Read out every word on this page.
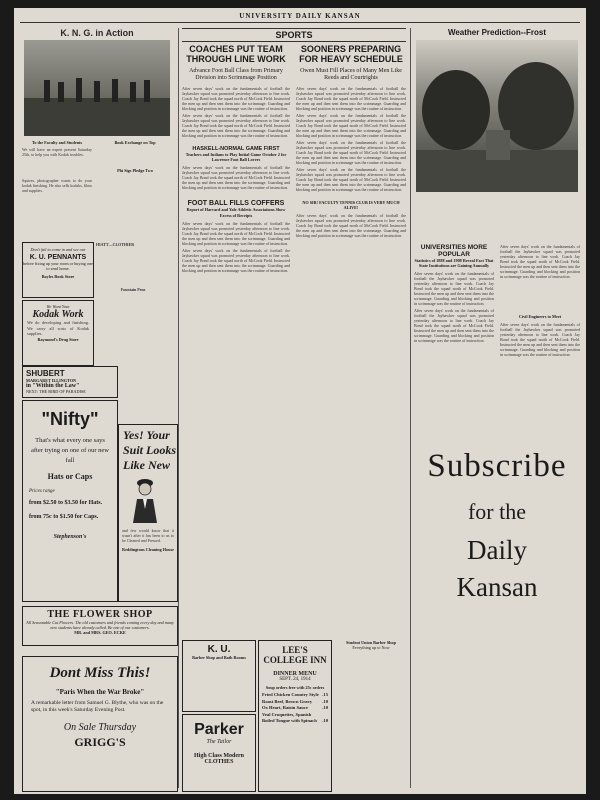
UNIVERSITY DAILY KANSAN
K. N. G. in Action
To the Faculty and Students
We will have an expert present Saturday 25th, to help you with Kodak troubles.
Book Exchange on Top
Phi Sigs Pledge Two
Squires, photographer wants to do your kodak finishing. He also sells kodaks, films and supplies.
Don't fail to come in and see our
K. U. PENNANTS
before fixing up your room or buying one to send home.
Boyles Book Store
We Want Your
Kodak Work
We do developing and finishing. We carry all sorts of Kodak supplies.
Raymond's Drug Store
HIATT—CLOTHIER
Fountain Pens
SHUBERT
MARGARET ILLINGTON
in "Within the Law"
NEXT: THE BIRD OF PARADISE
"Nifty"
That's what every one says after trying on one of our new fall
Hats or Caps
Prices range
from $2.50 to $3.50 for Hats.
from 75c to $1.50 for Caps.
Stephenson's
Yes! Your
Suit Looks
Like New
and few would know that it wasn't after it has been to us to be Cleaned and Pressed.
Reddingtons Cleaning House
THE FLOWER SHOP
All Seasonable Cut Flowers. The old customers and friends coming every day and many new students have already called. Be one of our customers.
MR. and MRS. GEO. ECKE
Dont Miss This!
"Paris When the War Broke"
A remarkable letter from Samuel G. Blythe, who was on the spot, in this week's Saturday Evening Post.
On Sale Thursday
GRIGG'S
SPORTS
COACHES PUT TEAM
THROUGH LINE WORK
Advance Foot Ball Class from Primary Division into Scrimmage Position
After seven days' work on the fundamentals of football the Jayhawker squad was promoted yesterday afternoon to line work. Coach Jay Bond took the squad north of McCook Field. Instructed the men up and then sent them into the scrimmage. Guarding and blocking and position in scrimmage was the routine of instruction.
After seven days' work on the fundamentals of football the Jayhawker squad was promoted yesterday afternoon to line work. Coach Jay Bond took the squad north of McCook Field. Instructed the men up and then sent them into the scrimmage. Guarding and blocking and position in scrimmage was the routine of instruction.
HASKELL-NORMAL GAME FIRST
Teachers and Indians to Play Initial Game October 2 for Lawrence Foot Ball Lovers
After seven days' work on the fundamentals of football the Jayhawker squad was promoted yesterday afternoon to line work. Coach Jay Bond took the squad north of McCook Field. Instructed the men up and then sent them into the scrimmage. Guarding and blocking and position in scrimmage was the routine of instruction.
FOOT BALL FILLS COFFERS
Report of Harvard and Yale Athletic Associations Show Excess of Receipts
After seven days' work on the fundamentals of football the Jayhawker squad was promoted yesterday afternoon to line work. Coach Jay Bond took the squad north of McCook Field. Instructed the men up and then sent them into the scrimmage. Guarding and blocking and position in scrimmage was the routine of instruction.
After seven days' work on the fundamentals of football the Jayhawker squad was promoted yesterday afternoon to line work. Coach Jay Bond took the squad north of McCook Field. Instructed the men up and then sent them into the scrimmage. Guarding and blocking and position in scrimmage was the routine of instruction.
SOONERS PREPARING
FOR HEAVY SCHEDULE
Owen Must Fill Places of Many Men Like Reeds and Courtrights
After seven days' work on the fundamentals of football the Jayhawker squad was promoted yesterday afternoon to line work. Coach Jay Bond took the squad north of McCook Field. Instructed the men up and then sent them into the scrimmage. Guarding and blocking and position in scrimmage was the routine of instruction.
After seven days' work on the fundamentals of football the Jayhawker squad was promoted yesterday afternoon to line work. Coach Jay Bond took the squad north of McCook Field. Instructed the men up and then sent them into the scrimmage. Guarding and blocking and position in scrimmage was the routine of instruction.
After seven days' work on the fundamentals of football the Jayhawker squad was promoted yesterday afternoon to line work. Coach Jay Bond took the squad north of McCook Field. Instructed the men up and then sent them into the scrimmage. Guarding and blocking and position in scrimmage was the routine of instruction.
After seven days' work on the fundamentals of football the Jayhawker squad was promoted yesterday afternoon to line work. Coach Jay Bond took the squad north of McCook Field. Instructed the men up and then sent them into the scrimmage. Guarding and blocking and position in scrimmage was the routine of instruction.
NO SIR! FACULTY TENNIS CLUB IS VERY MUCH ALIVE!
After seven days' work on the fundamentals of football the Jayhawker squad was promoted yesterday afternoon to line work. Coach Jay Bond took the squad north of McCook Field. Instructed the men up and then sent them into the scrimmage. Guarding and blocking and position in scrimmage was the routine of instruction.
Weather Prediction--Frost
UNIVERSITIES MORE POPULAR
Statistics of 1888 and 1908 Reveal Fact That State Institutions are Gaining Annually
After seven days' work on the fundamentals of football the Jayhawker squad was promoted yesterday afternoon to line work. Coach Jay Bond took the squad north of McCook Field. Instructed the men up and then sent them into the scrimmage. Guarding and blocking and position in scrimmage was the routine of instruction.
After seven days' work on the fundamentals of football the Jayhawker squad was promoted yesterday afternoon to line work. Coach Jay Bond took the squad north of McCook Field. Instructed the men up and then sent them into the scrimmage. Guarding and blocking and position in scrimmage was the routine of instruction.
After seven days' work on the fundamentals of football the Jayhawker squad was promoted yesterday afternoon to line work. Coach Jay Bond took the squad north of McCook Field. Instructed the men up and then sent them into the scrimmage. Guarding and blocking and position in scrimmage was the routine of instruction.
Civil Engineers to Meet
After seven days' work on the fundamentals of football the Jayhawker squad was promoted yesterday afternoon to line work. Coach Jay Bond took the squad north of McCook Field. Instructed the men up and then sent them into the scrimmage. Guarding and blocking and position in scrimmage was the routine of instruction.
Subscribe
for the
Daily
Kansan
K. U.
Barber Shop and Bath Rooms
Parker
The Tailor
High Class Modern CLOTHES
LEE'S COLLEGE INN
DINNER MENU
SEPT. 24, 1914
Soup orders free with 25c orders
Fried Chicken Country Style .15
Roast Beef, Brown Gravy .10
Ox Heart, Raisin Sauce	.10
Veal Croquettes, Spanish
Boiled Tongue with Spinach .10
Student Union Barber Shop
Everything up to Now
